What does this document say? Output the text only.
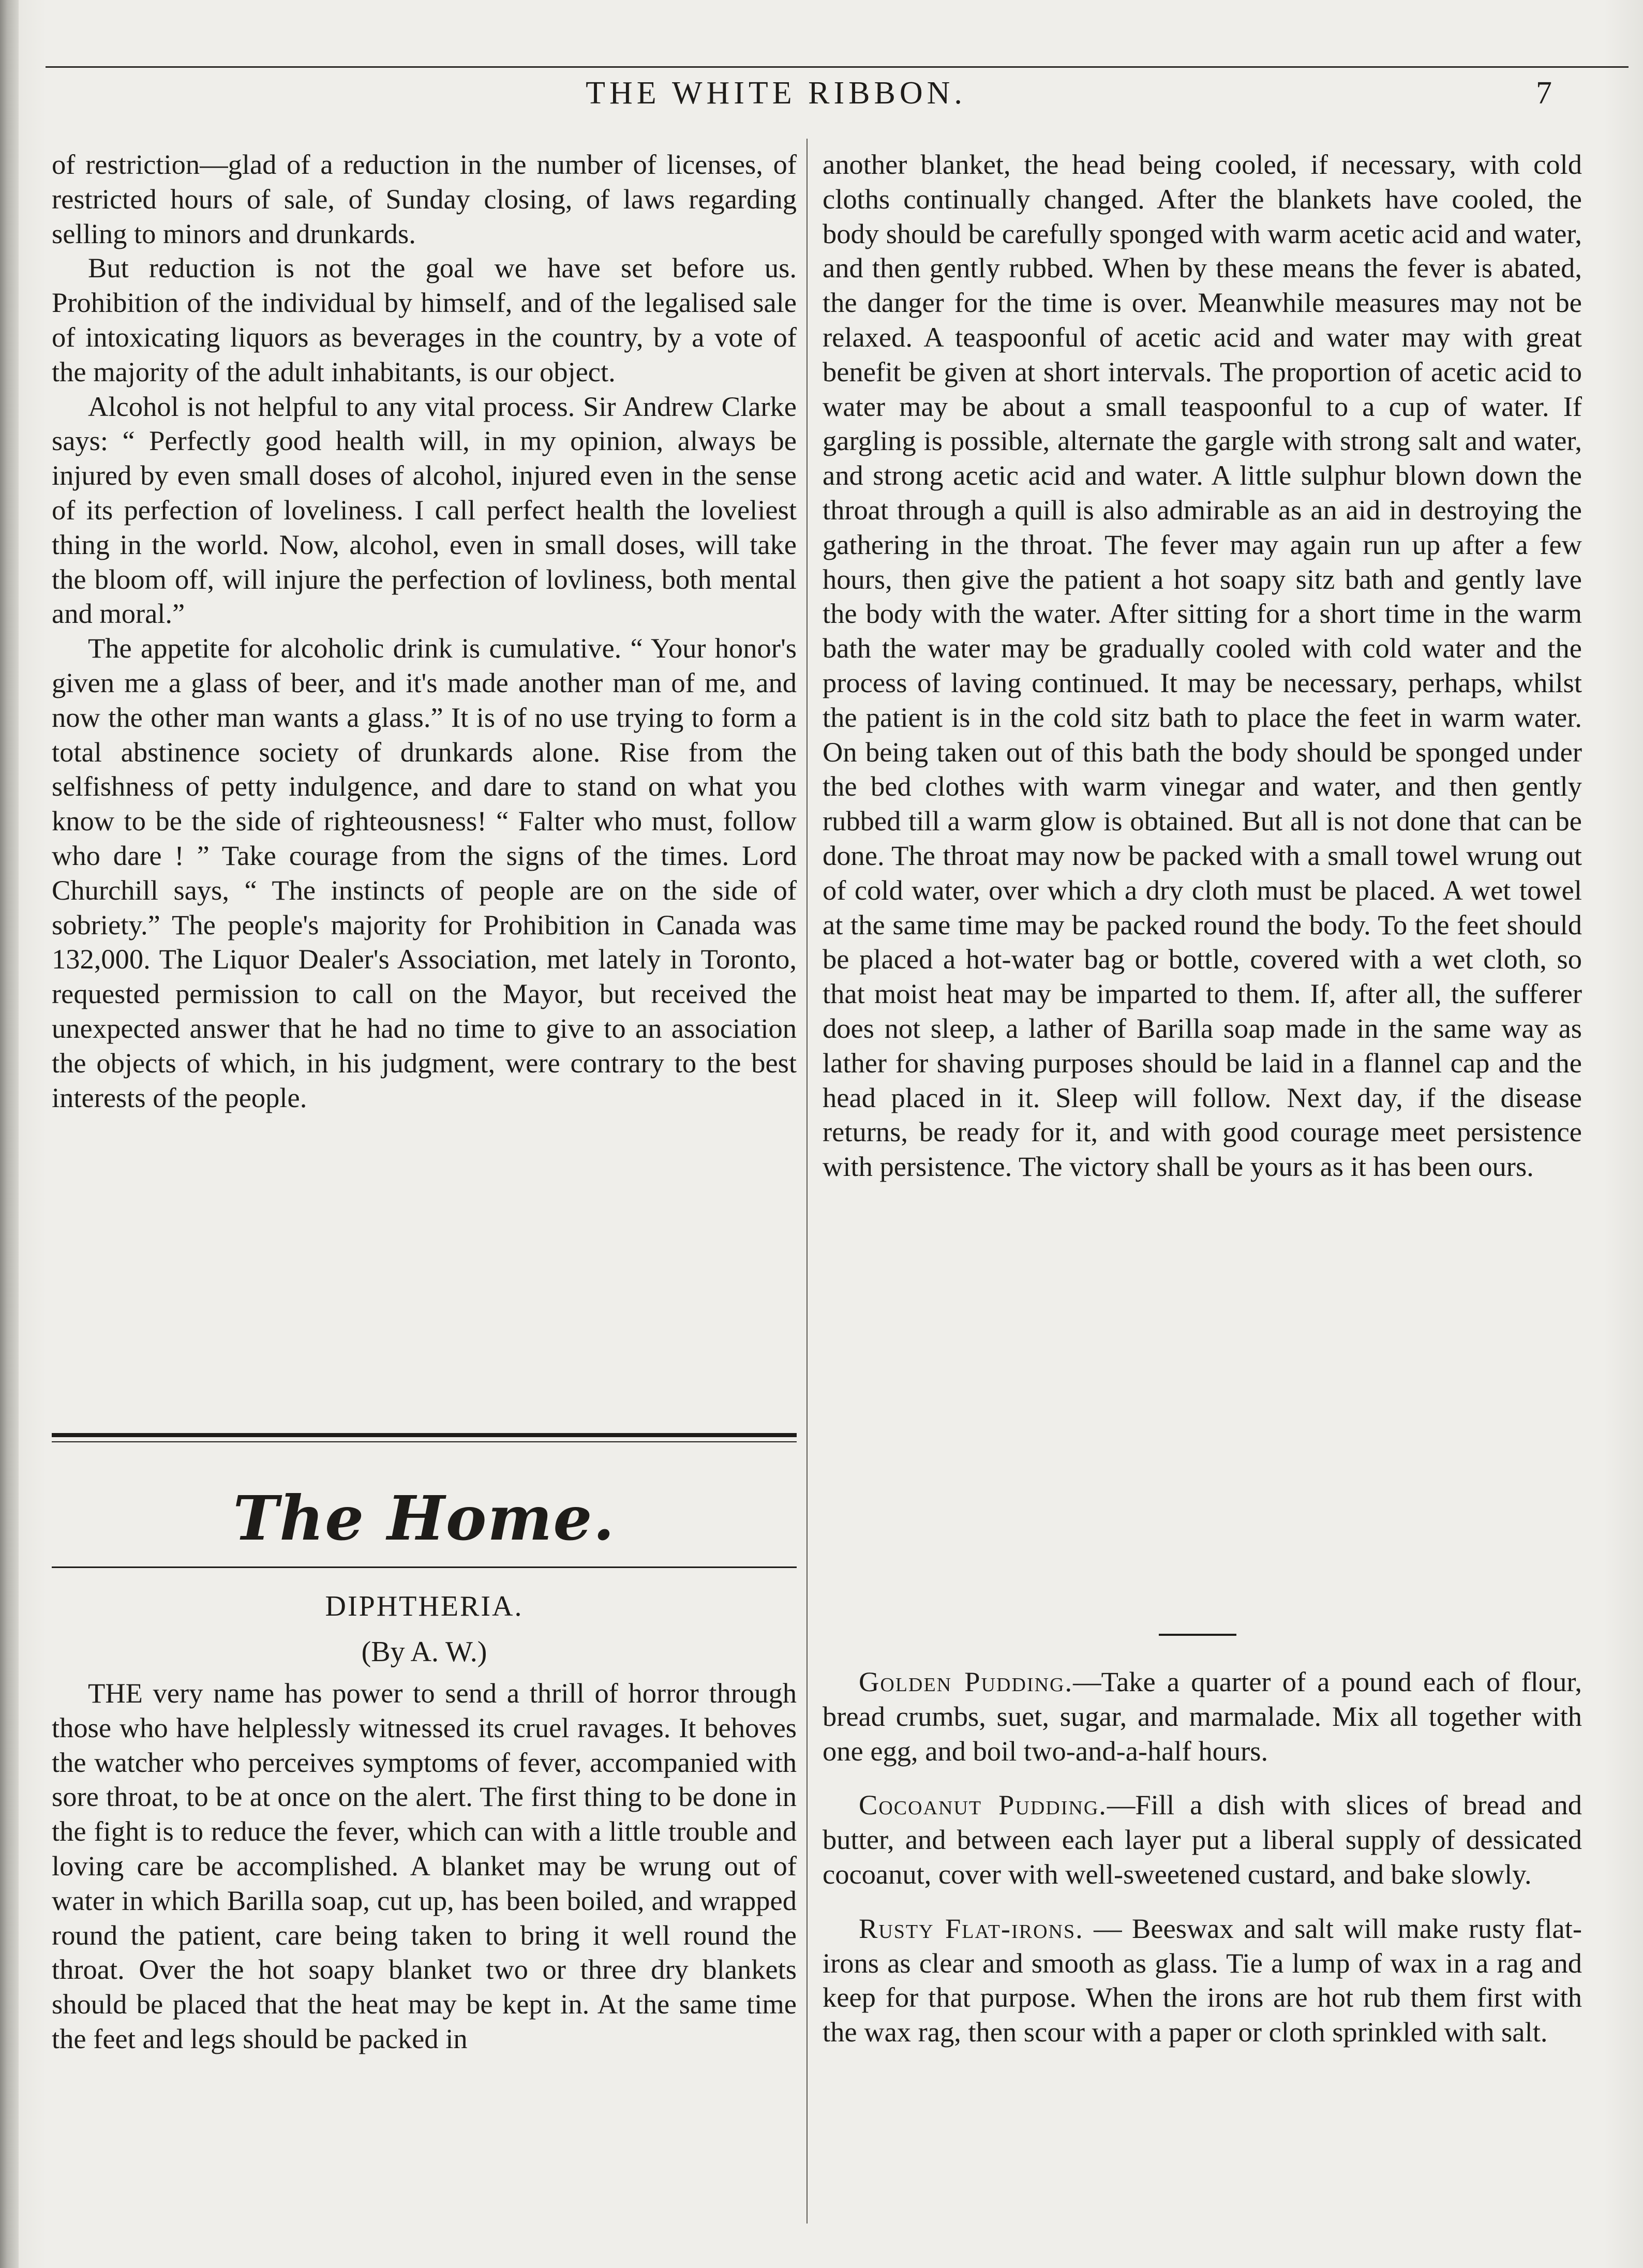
THE WHITE RIBBON.	7

of restriction—glad of a reduction in the number of licenses, of restricted hours of sale, of Sunday closing, of laws regarding selling to minors and drunkards.

But reduction is not the goal we have set before us. Prohibition of the individual by himself, and of the legalised sale of intoxicating liquors as beverages in the country, by a vote of the majority of the adult inhabitants, is our object.

Alcohol is not helpful to any vital process. Sir Andrew Clarke says: “ Perfectly good health will, in my opinion, always be injured by even small doses of alcohol, injured even in the sense of its perfection of loveliness. I call perfect health the loveliest thing in the world. Now, alcohol, even in small doses, will take the bloom off, will injure the perfection of lovliness, both mental and moral.”

The appetite for alcoholic drink is cumulative. “ Your honor's given me a glass of beer, and it's made another man of me, and now the other man wants a glass.” It is of no use trying to form a total abstinence society of drunkards alone. Rise from the selfishness of petty indulgence, and dare to stand on what you know to be the side of righteousness! “ Falter who must, follow who dare ! ” Take courage from the signs of the times. Lord Churchill says, “ The instincts of people are on the side of sobriety.” The people's majority for Prohibition in Canada was 132,000. The Liquor Dealer's Association, met lately in Toronto, requested permission to call on the Mayor, but received the unexpected answer that he had no time to give to an association the objects of which, in his judgment, were contrary to the best interests of the people.

The Home.
DIPHTHERIA.
(By A. W.)

THE very name has power to send a thrill of horror through those who have helplessly witnessed its cruel ravages. It behoves the watcher who perceives symptoms of fever, accompanied with sore throat, to be at once on the alert. The first thing to be done in the fight is to reduce the fever, which can with a little trouble and loving care be accomplished. A blanket may be wrung out of water in which Barilla soap, cut up, has been boiled, and wrapped round the patient, care being taken to bring it well round the throat. Over the hot soapy blanket two or three dry blankets should be placed that the heat may be kept in. At the same time the feet and legs should be packed in

another blanket, the head being cooled, if necessary, with cold cloths continually changed. After the blankets have cooled, the body should be carefully sponged with warm acetic acid and water, and then gently rubbed. When by these means the fever is abated, the danger for the time is over. Meanwhile measures may not be relaxed. A teaspoonful of acetic acid and water may with great benefit be given at short intervals. The proportion of acetic acid to water may be about a small teaspoonful to a cup of water. If gargling is possible, alternate the gargle with strong salt and water, and strong acetic acid and water. A little sulphur blown down the throat through a quill is also admirable as an aid in destroying the gathering in the throat. The fever may again run up after a few hours, then give the patient a hot soapy sitz bath and gently lave the body with the water. After sitting for a short time in the warm bath the water may be gradually cooled with cold water and the process of laving continued. It may be necessary, perhaps, whilst the patient is in the cold sitz bath to place the feet in warm water. On being taken out of this bath the body should be sponged under the bed clothes with warm vinegar and water, and then gently rubbed till a warm glow is obtained. But all is not done that can be done. The throat may now be packed with a small towel wrung out of cold water, over which a dry cloth must be placed. A wet towel at the same time may be packed round the body. To the feet should be placed a hot-water bag or bottle, covered with a wet cloth, so that moist heat may be imparted to them. If, after all, the sufferer does not sleep, a lather of Barilla soap made in the same way as lather for shaving purposes should be laid in a flannel cap and the head placed in it. Sleep will follow. Next day, if the disease returns, be ready for it, and with good courage meet persistence with persistence. The victory shall be yours as it has been ours.

Golden Pudding.—Take a quarter of a pound each of flour, bread crumbs, suet, sugar, and marmalade. Mix all together with one egg, and boil two-and-a-half hours.

Cocoanut Pudding.—Fill a dish with slices of bread and butter, and between each layer put a liberal supply of dessicated cocoanut, cover with well-sweetened custard, and bake slowly.

Rusty Flat-irons. — Beeswax and salt will make rusty flat-irons as clear and smooth as glass. Tie a lump of wax in a rag and keep for that purpose. When the irons are hot rub them first with the wax rag, then scour with a paper or cloth sprinkled with salt.
